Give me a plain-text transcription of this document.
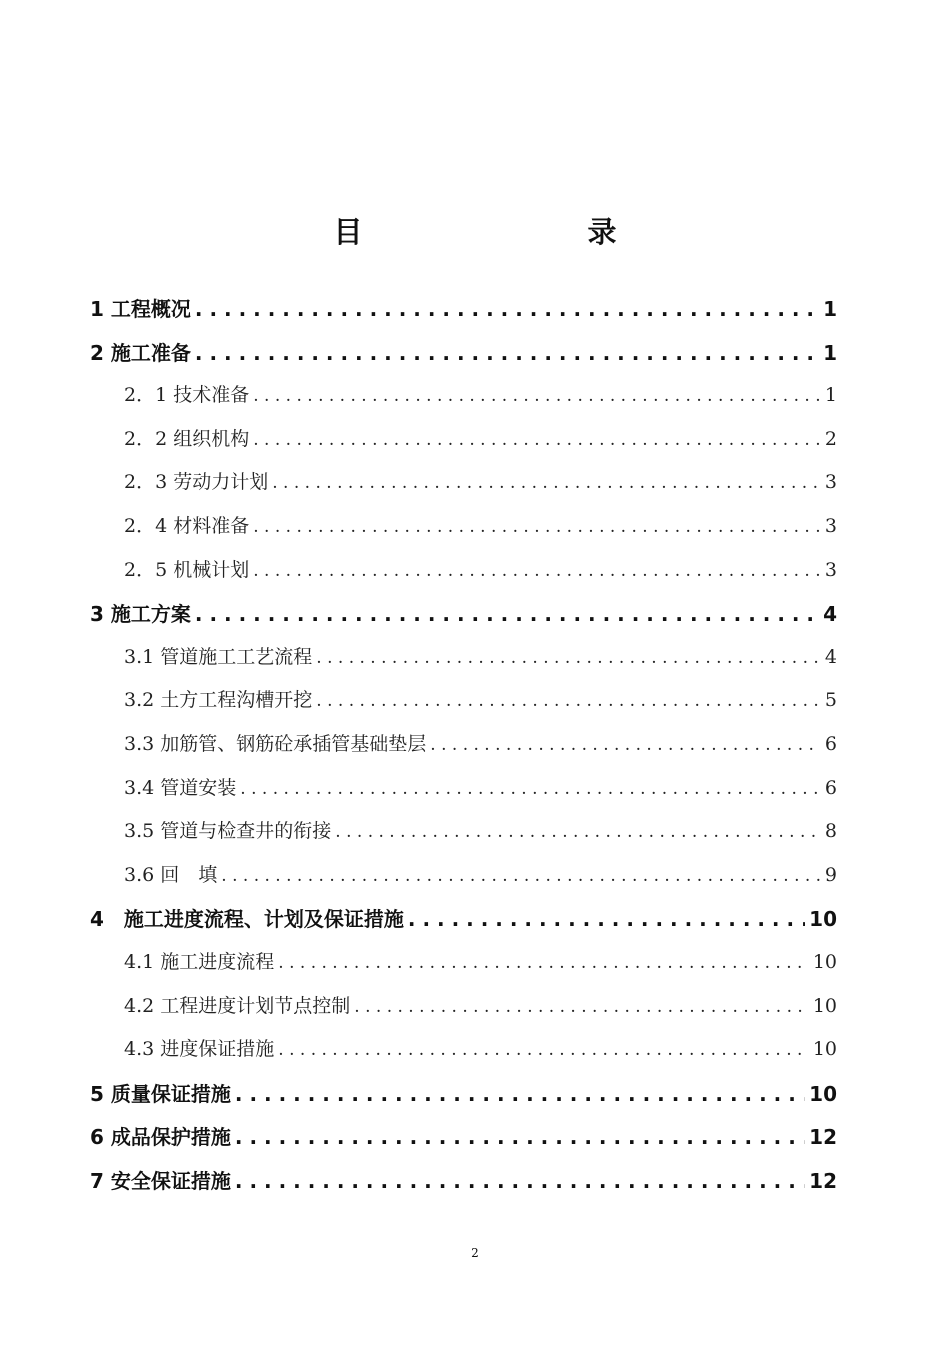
目　录
1 工程概况 . . .	1
2 施工准备 . . .	1
2．1 技术准备 . . .	1
2．2 组织机构 . . .	2
2．3 劳动力计划 . . .	3
2．4 材料准备 . . .	3
2．5 机械计划 . . .	3
3 施工方案 . . .	4
3.1 管道施工工艺流程 . . .	4
3.2 土方工程沟槽开挖 . . .	5
3.3 加筋管、钢筋砼承插管基础垫层 . . .	6
3.4 管道安装 . . .	6
3.5 管道与检查井的衔接 . . .	8
3.6 回　填 . . .	9
4　施工进度流程、计划及保证措施 . . .	10
4.1 施工进度流程 . . .	10
4.2 工程进度计划节点控制 . . .	10
4.3 进度保证措施 . . .	10
5 质量保证措施 . . .	10
6 成品保护措施 . . .	12
7 安全保证措施 . . .	12
2
